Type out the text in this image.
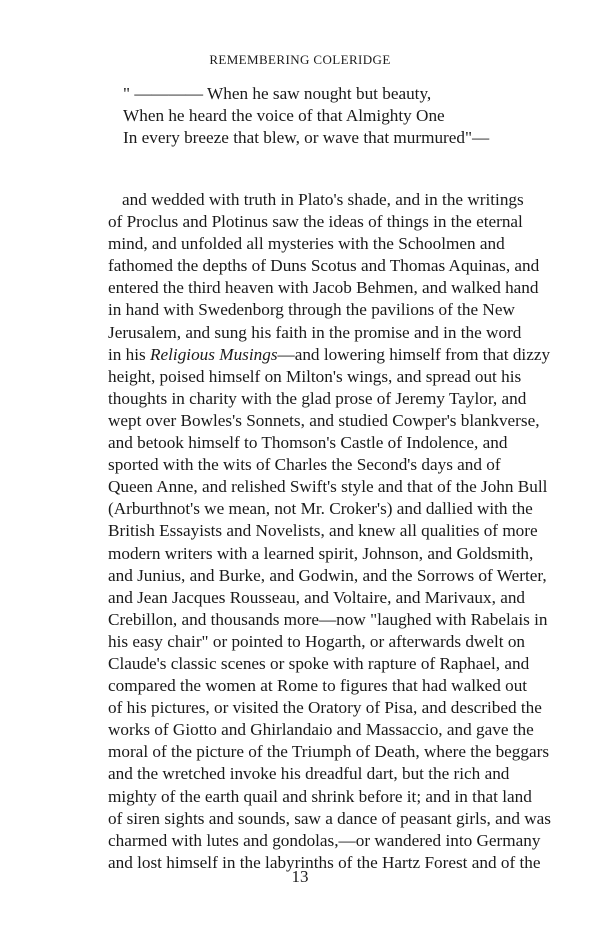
REMEMBERING COLERIDGE
" ———— When he saw nought but beauty,
When he heard the voice of that Almighty One
In every breeze that blew, or wave that murmured"—
and wedded with truth in Plato's shade, and in the writings
of Proclus and Plotinus saw the ideas of things in the eternal
mind, and unfolded all mysteries with the Schoolmen and
fathomed the depths of Duns Scotus and Thomas Aquinas, and
entered the third heaven with Jacob Behmen, and walked hand
in hand with Swedenborg through the pavilions of the New
Jerusalem, and sung his faith in the promise and in the word
in his Religious Musings—and lowering himself from that dizzy
height, poised himself on Milton's wings, and spread out his
thoughts in charity with the glad prose of Jeremy Taylor, and
wept over Bowles's Sonnets, and studied Cowper's blankverse,
and betook himself to Thomson's Castle of Indolence, and
sported with the wits of Charles the Second's days and of
Queen Anne, and relished Swift's style and that of the John Bull
(Arburthnot's we mean, not Mr. Croker's) and dallied with the
British Essayists and Novelists, and knew all qualities of more
modern writers with a learned spirit, Johnson, and Goldsmith,
and Junius, and Burke, and Godwin, and the Sorrows of Werter,
and Jean Jacques Rousseau, and Voltaire, and Marivaux, and
Crebillon, and thousands more—now "laughed with Rabelais in
his easy chair" or pointed to Hogarth, or afterwards dwelt on
Claude's classic scenes or spoke with rapture of Raphael, and
compared the women at Rome to figures that had walked out
of his pictures, or visited the Oratory of Pisa, and described the
works of Giotto and Ghirlandaio and Massaccio, and gave the
moral of the picture of the Triumph of Death, where the beggars
and the wretched invoke his dreadful dart, but the rich and
mighty of the earth quail and shrink before it; and in that land
of siren sights and sounds, saw a dance of peasant girls, and was
charmed with lutes and gondolas,—or wandered into Germany
and lost himself in the labyrinths of the Hartz Forest and of the
13
